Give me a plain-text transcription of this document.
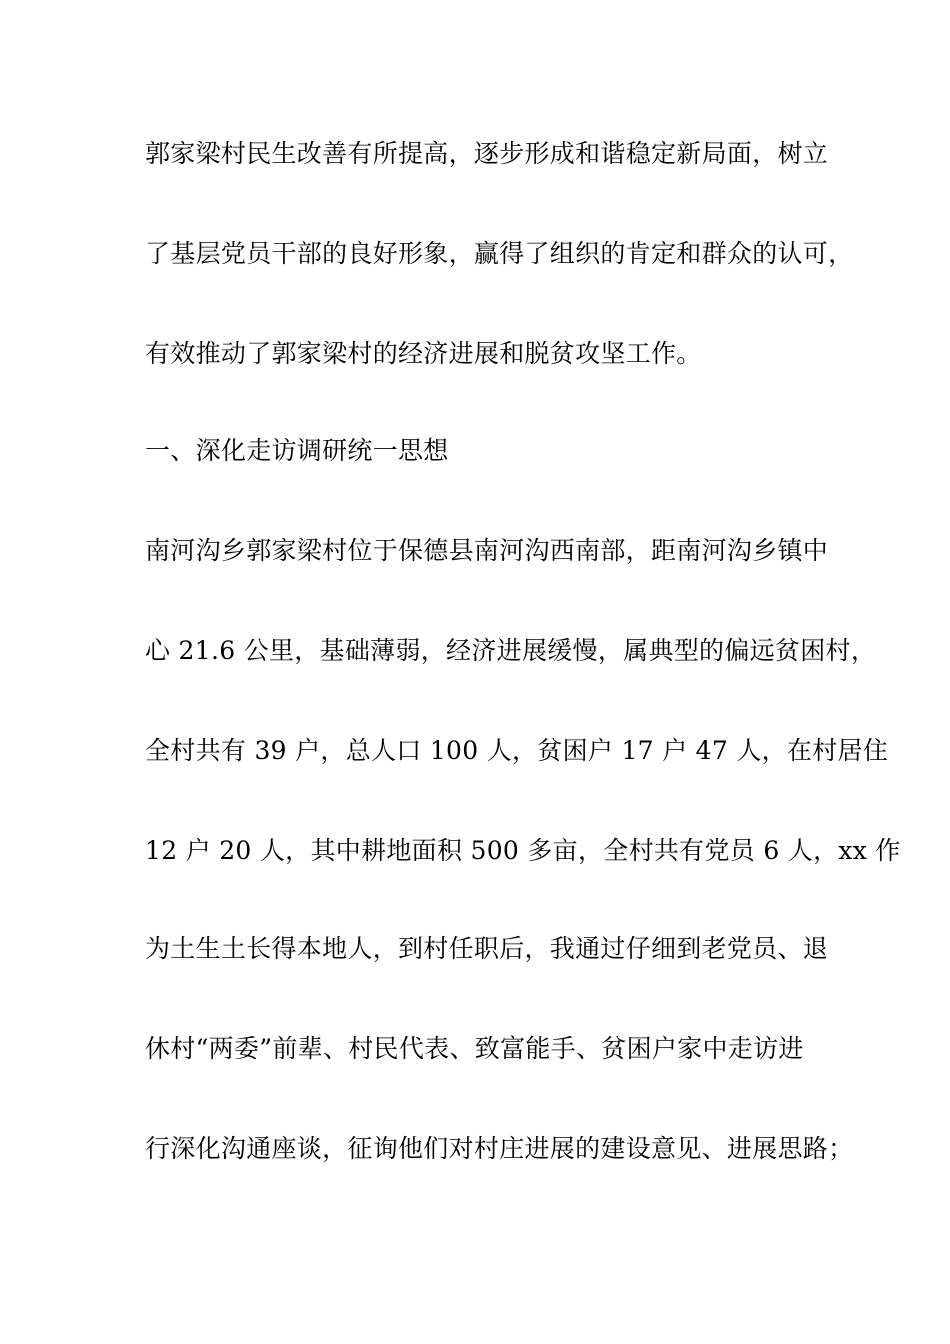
郭家梁村民生改善有所提高，逐步形成和谐稳定新局面，树立

了基层党员干部的良好形象，赢得了组织的肯定和群众的认可，

有效推动了郭家梁村的经济进展和脱贫攻坚工作。

一、深化走访调研统一思想

南河沟乡郭家梁村位于保德县南河沟西南部，距南河沟乡镇中

心 21.6 公里，基础薄弱，经济进展缓慢，属典型的偏远贫困村，

全村共有 39 户，总人口 100 人，贫困户 17 户 47 人，在村居住

12 户 20 人，其中耕地面积 500 多亩，全村共有党员 6 人，xx 作

为土生土长得本地人，到村任职后，我通过仔细到老党员、退

休村“两委”前辈、村民代表、致富能手、贫困户家中走访进

行深化沟通座谈，征询他们对村庄进展的建设意见、进展思路；
